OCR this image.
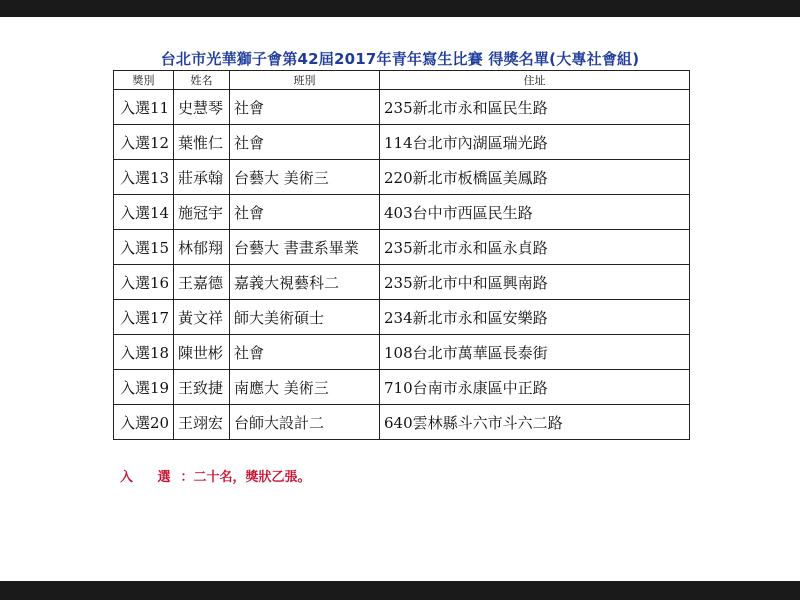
台北市光華獅子會第42屆2017年青年寫生比賽 得獎名單(大專社會組)
獎別	姓名	班別	住址
入選11	史慧琴	社會	235新北市永和區民生路
入選12	葉惟仁	社會	114台北市內湖區瑞光路
入選13	莊承翰	台藝大 美術三	220新北市板橋區美鳳路
入選14	施冠宇	社會	403台中市西區民生路
入選15	林郁翔	台藝大 書畫系畢業	235新北市永和區永貞路
入選16	王嘉德	嘉義大視藝科二	235新北市中和區興南路
入選17	黃文祥	師大美術碩士	234新北市永和區安樂路
入選18	陳世彬	社會	108台北市萬華區長泰街
入選19	王致捷	南應大 美術三	710台南市永康區中正路
入選20	王翊宏	台師大設計二	640雲林縣斗六市斗六二路
入 選：二十名，獎狀乙張。
